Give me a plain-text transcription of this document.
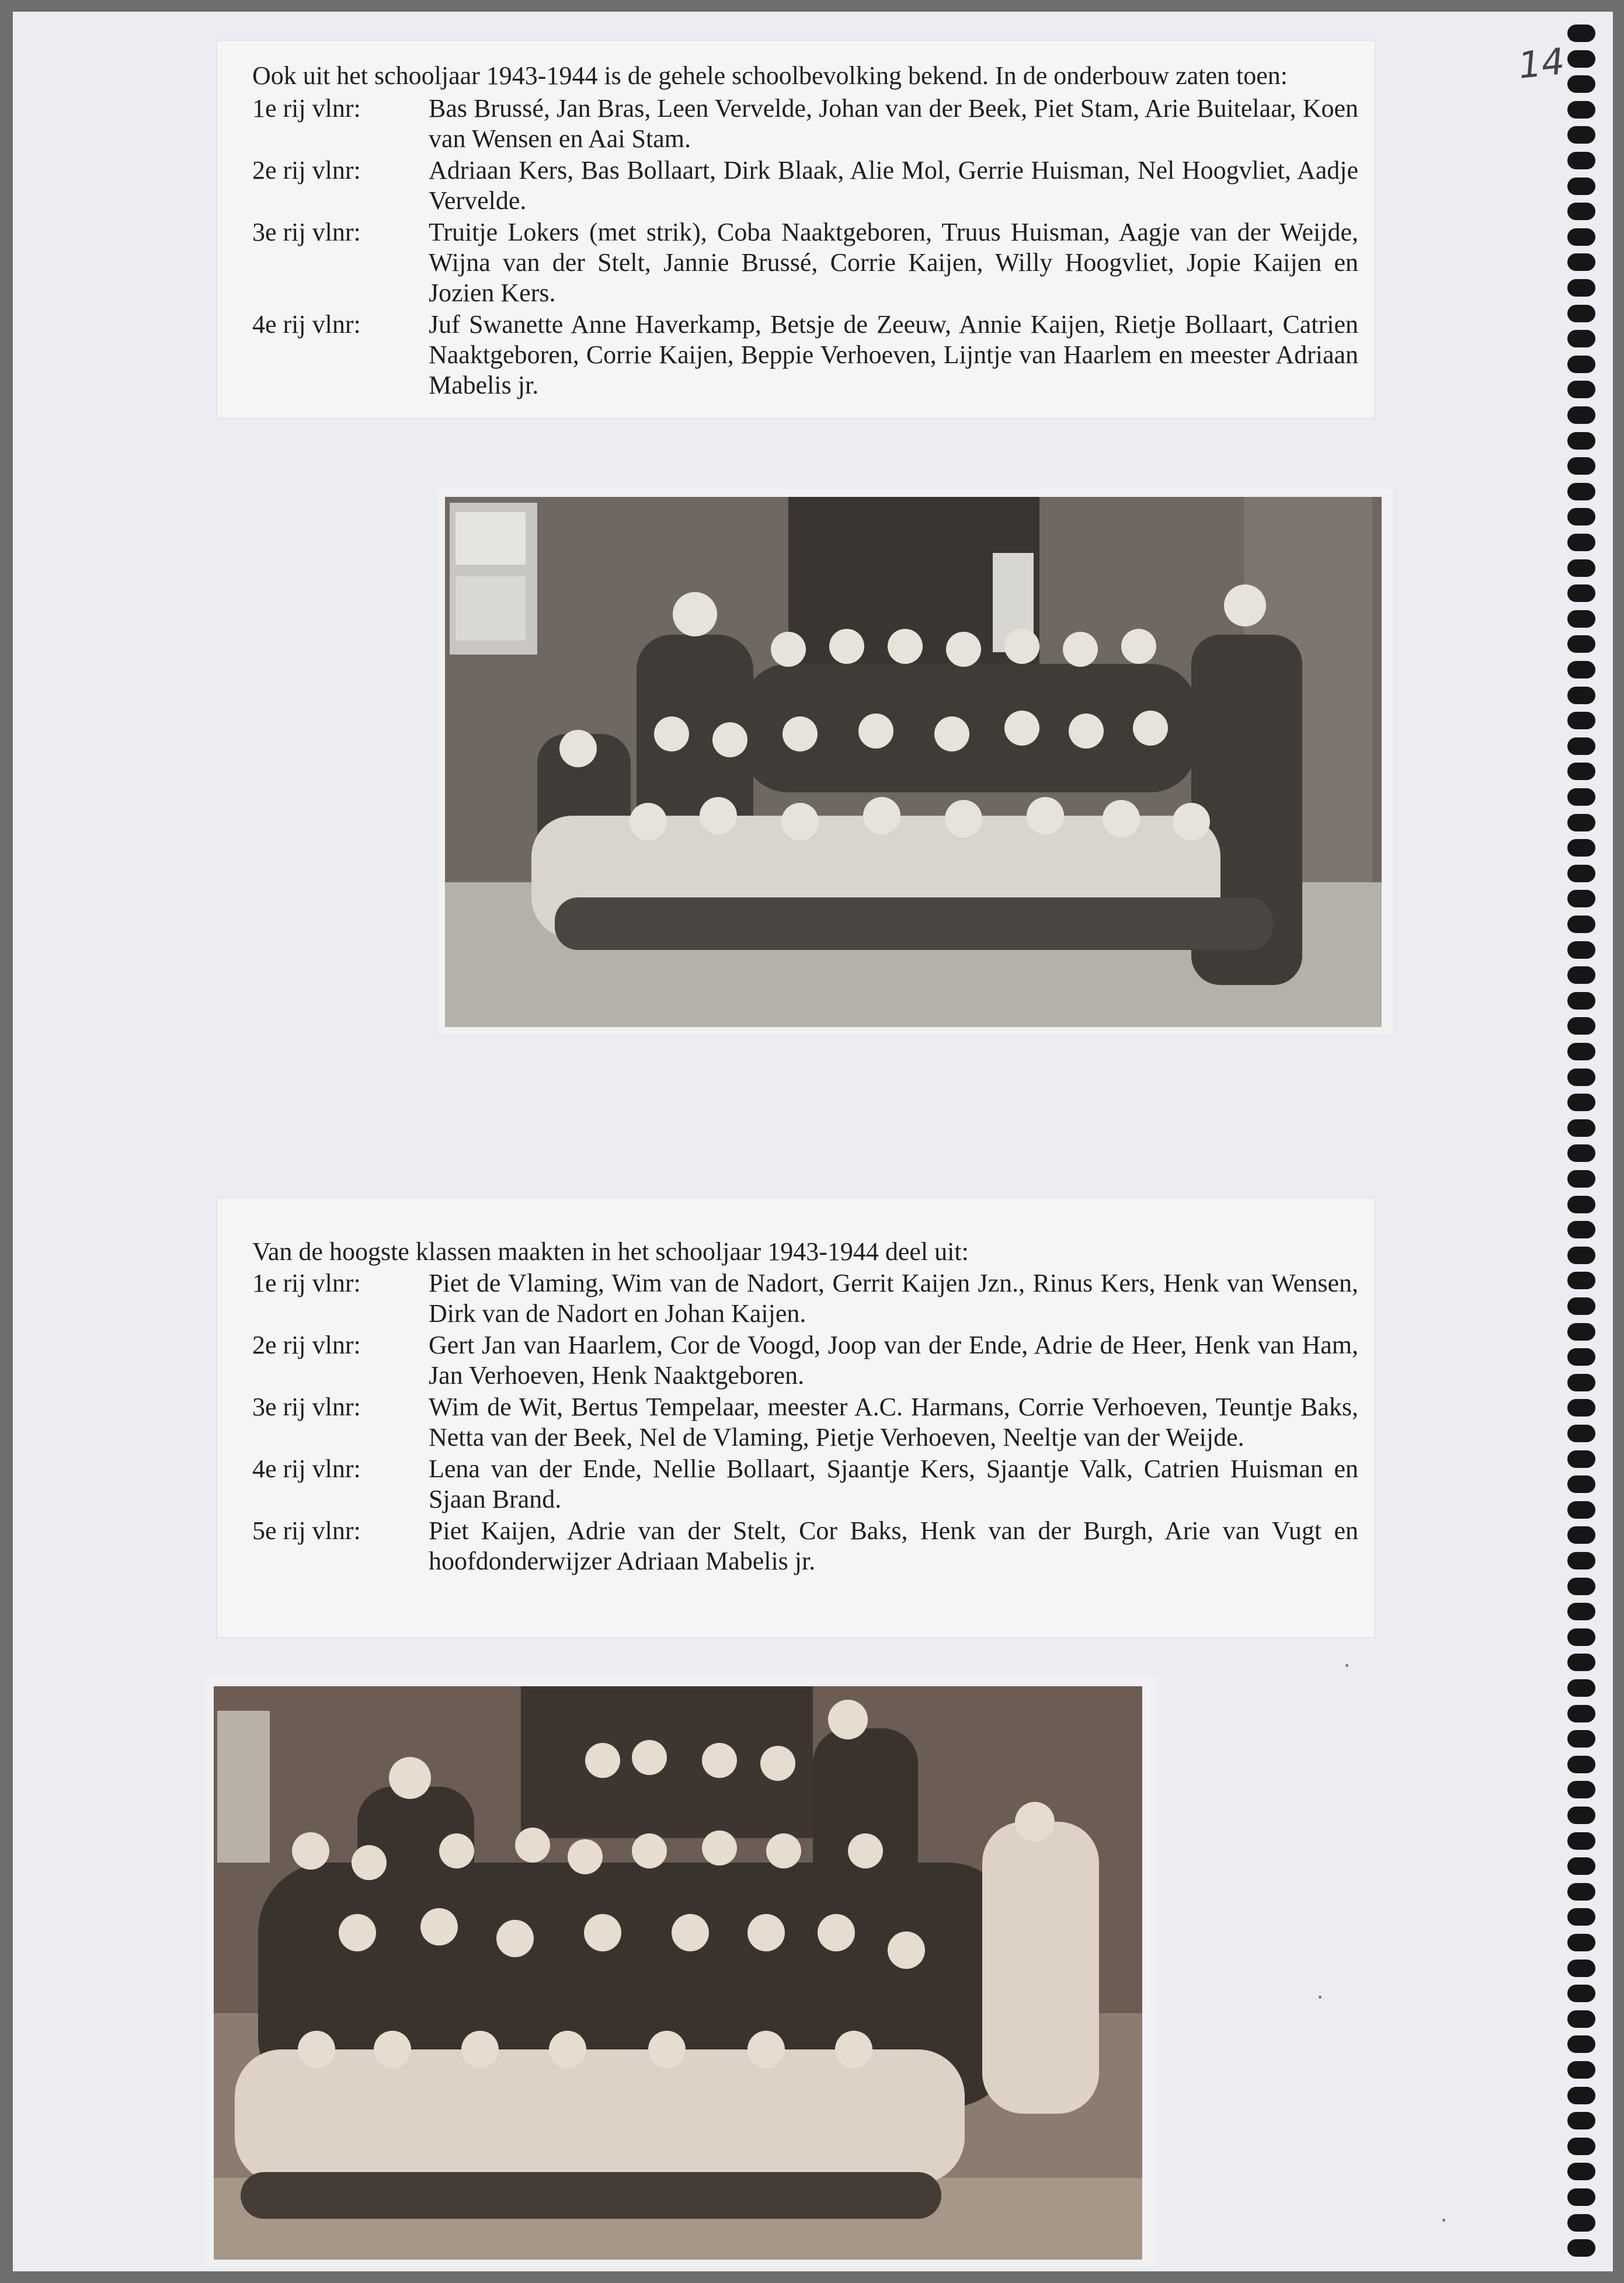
14
Ook uit het schooljaar 1943-1944 is de gehele schoolbevolking bekend. In de onderbouw zaten toen:
1e rij vlnr:	Bas Brussé, Jan Bras, Leen Vervelde, Johan van der Beek, Piet Stam, Arie Buitelaar, Koen van Wensen en Aai Stam.
2e rij vlnr:	Adriaan Kers, Bas Bollaart, Dirk Blaak, Alie Mol, Gerrie Huisman, Nel Hoogvliet, Aadje Vervelde.
3e rij vlnr:	Truitje Lokers (met strik), Coba Naaktgeboren, Truus Huisman, Aagje van der Weijde, Wijna van der Stelt, Jannie Brussé, Corrie Kaijen, Willy Hoogvliet, Jopie Kaijen en Jozien Kers.
4e rij vlnr:	Juf Swanette Anne Haverkamp, Betsje de Zeeuw, Annie Kaijen, Rietje Bollaart, Catrien Naaktgeboren, Corrie Kaijen, Beppie Verhoeven, Lijntje van Haarlem en meester Adriaan Mabelis jr.
Van de hoogste klassen maakten in het schooljaar 1943-1944 deel uit:
1e rij vlnr:	Piet de Vlaming, Wim van de Nadort, Gerrit Kaijen Jzn., Rinus Kers, Henk van Wensen, Dirk van de Nadort en Johan Kaijen.
2e rij vlnr:	Gert Jan van Haarlem, Cor de Voogd, Joop van der Ende, Adrie de Heer, Henk van Ham, Jan Verhoeven, Henk Naaktgeboren.
3e rij vlnr:	Wim de Wit, Bertus Tempelaar, meester A.C. Harmans, Corrie Verhoeven, Teuntje Baks, Netta van der Beek, Nel de Vlaming, Pietje Verhoeven, Neeltje van der Weijde.
4e rij vlnr:	Lena van der Ende, Nellie Bollaart, Sjaantje Kers, Sjaantje Valk, Catrien Huisman en Sjaan Brand.
5e rij vlnr:	Piet Kaijen, Adrie van der Stelt, Cor Baks, Henk van der Burgh, Arie van Vugt en hoofdonderwijzer Adriaan Mabelis jr.
